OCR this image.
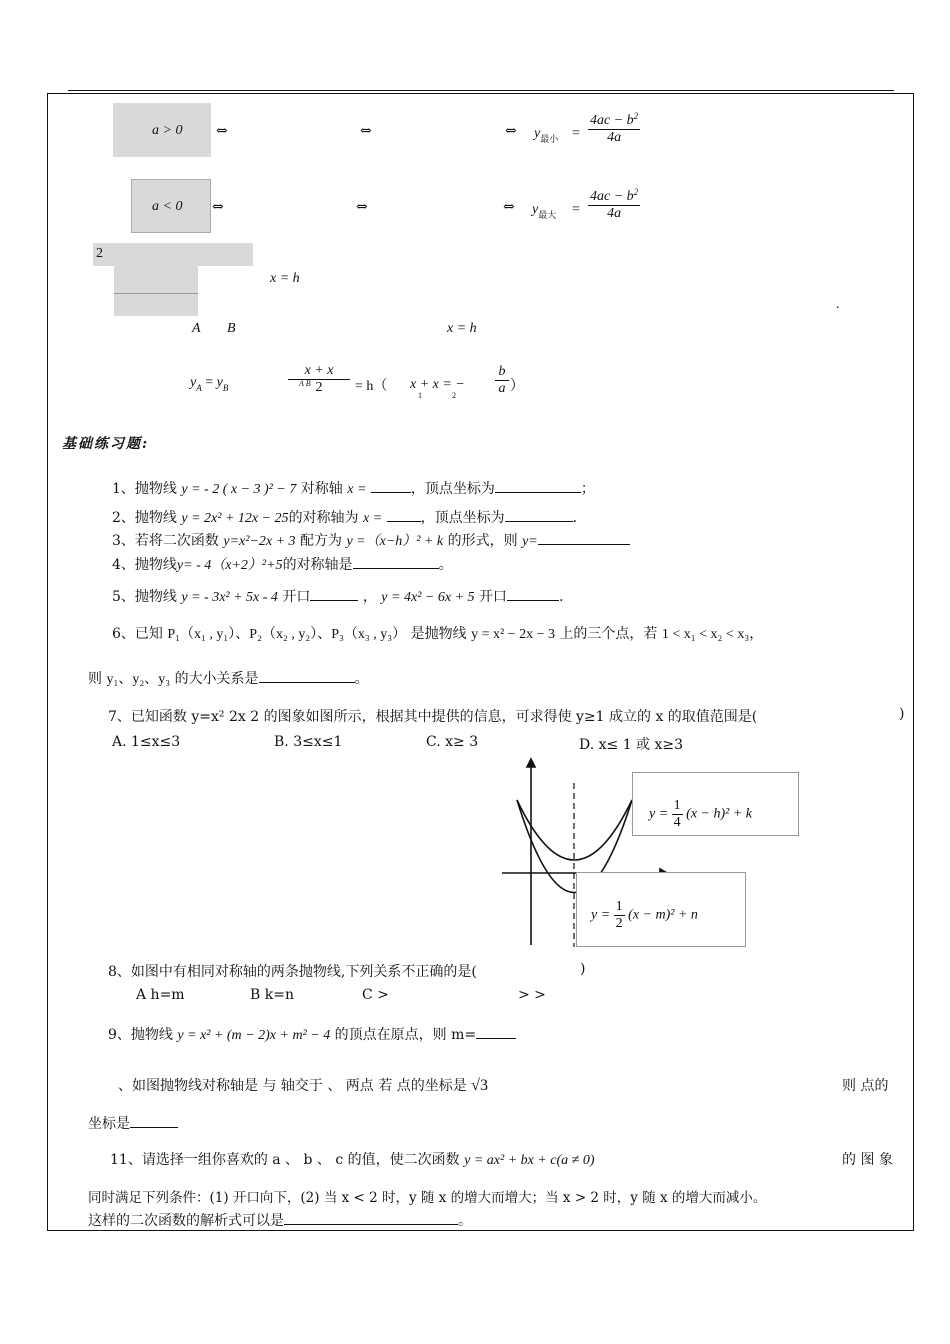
a > 0 ⇔	⇔	⇔ $y_{最小}$ =
$4ac - b^2$
4a
a < 0 ⇔	⇔	⇔ $y_{最大}$ =
$4ac - b^2$
4a
2
x = h
.
A B	x = h
$y_A = y_B$
x + x
2
A B	= h（ x + x = −
1	2
b
a ）
基础练习题:
1、抛物线 y = - 2 ( x − 3 )² − 7 对称轴 x =	，顶点坐标为	；
2、抛物线 y = 2x² + 12x − 25的对称轴为 x =	，顶点坐标为	.
3、若将二次函数 y=x²−2x + 3 配方为 y =（x−h）² + k 的形式，则 y=
4、抛物线y= - 4（x+2）²+5的对称轴是	。
5、抛物线 y = - 3x² + 5x - 4 开口	， y = 4x² − 6x + 5 开口	.
6、已知 P₁（x₁ , y₁）、P₂（x₂ , y₂）、P₃（x₃ , y₃） 是抛物线 y = x² − 2x − 3 上的三个点，若 1 < x₁ < x₂ < x₃，
则 y₁、y₂、y₃ 的大小关系是	。
7、已知函数 y=x² 2x 2 的图象如图所示，根据其中提供的信息，可求得使 y≥1 成立的 x 的取值范围是(	)
A. 1≤x≤3	B. 3≤x≤1	C. x≥ 3	D. x≤ 1 或 x≥3
$y = \frac{1}{4} (x - h)^2 + k$
$y = \frac{1}{2} (x - m)^2 + n$
8、如图中有相同对称轴的两条抛物线,下列关系不正确的是(	)
A h=m	B k=n	C >	> >
9、抛物线 y = x² + (m − 2)x + m² − 4 的顶点在原点，则 m=
、如图抛物线对称轴是 与 轴交于 、 两点 若 点的坐标是 √3	则 点的
坐标是
11、请选择一组你喜欢的 a 、 b 、 c 的值，使二次函数 y = ax² + bx + c(a ≠ 0)	的 图 象
同时满足下列条件：(1) 开口向下，(2) 当 x < 2 时，y 随 x 的增大而增大；当 x > 2 时，y 随 x 的增大而减小。
这样的二次函数的解析式可以是	。
